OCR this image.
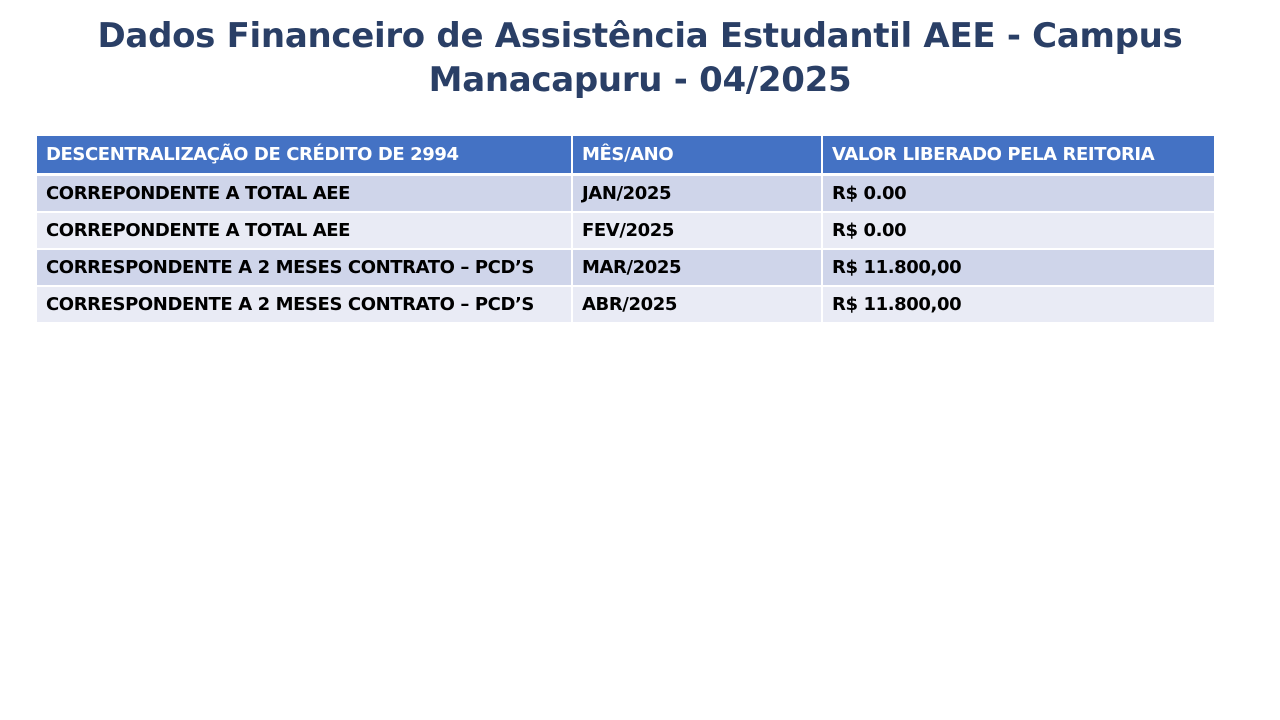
Dados Financeiro de Assistência Estudantil AEE - Campus Manacapuru - 04/2025
DESCENTRALIZAÇÃO DE CRÉDITO DE 2994	MÊS/ANO	VALOR LIBERADO PELA REITORIA
CORREPONDENTE A TOTAL AEE	JAN/2025	R$ 0.00
CORREPONDENTE A TOTAL AEE	FEV/2025	R$ 0.00
CORRESPONDENTE A 2 MESES CONTRATO – PCD’S	MAR/2025	R$ 11.800,00
CORRESPONDENTE A 2 MESES CONTRATO – PCD’S	ABR/2025	R$ 11.800,00
